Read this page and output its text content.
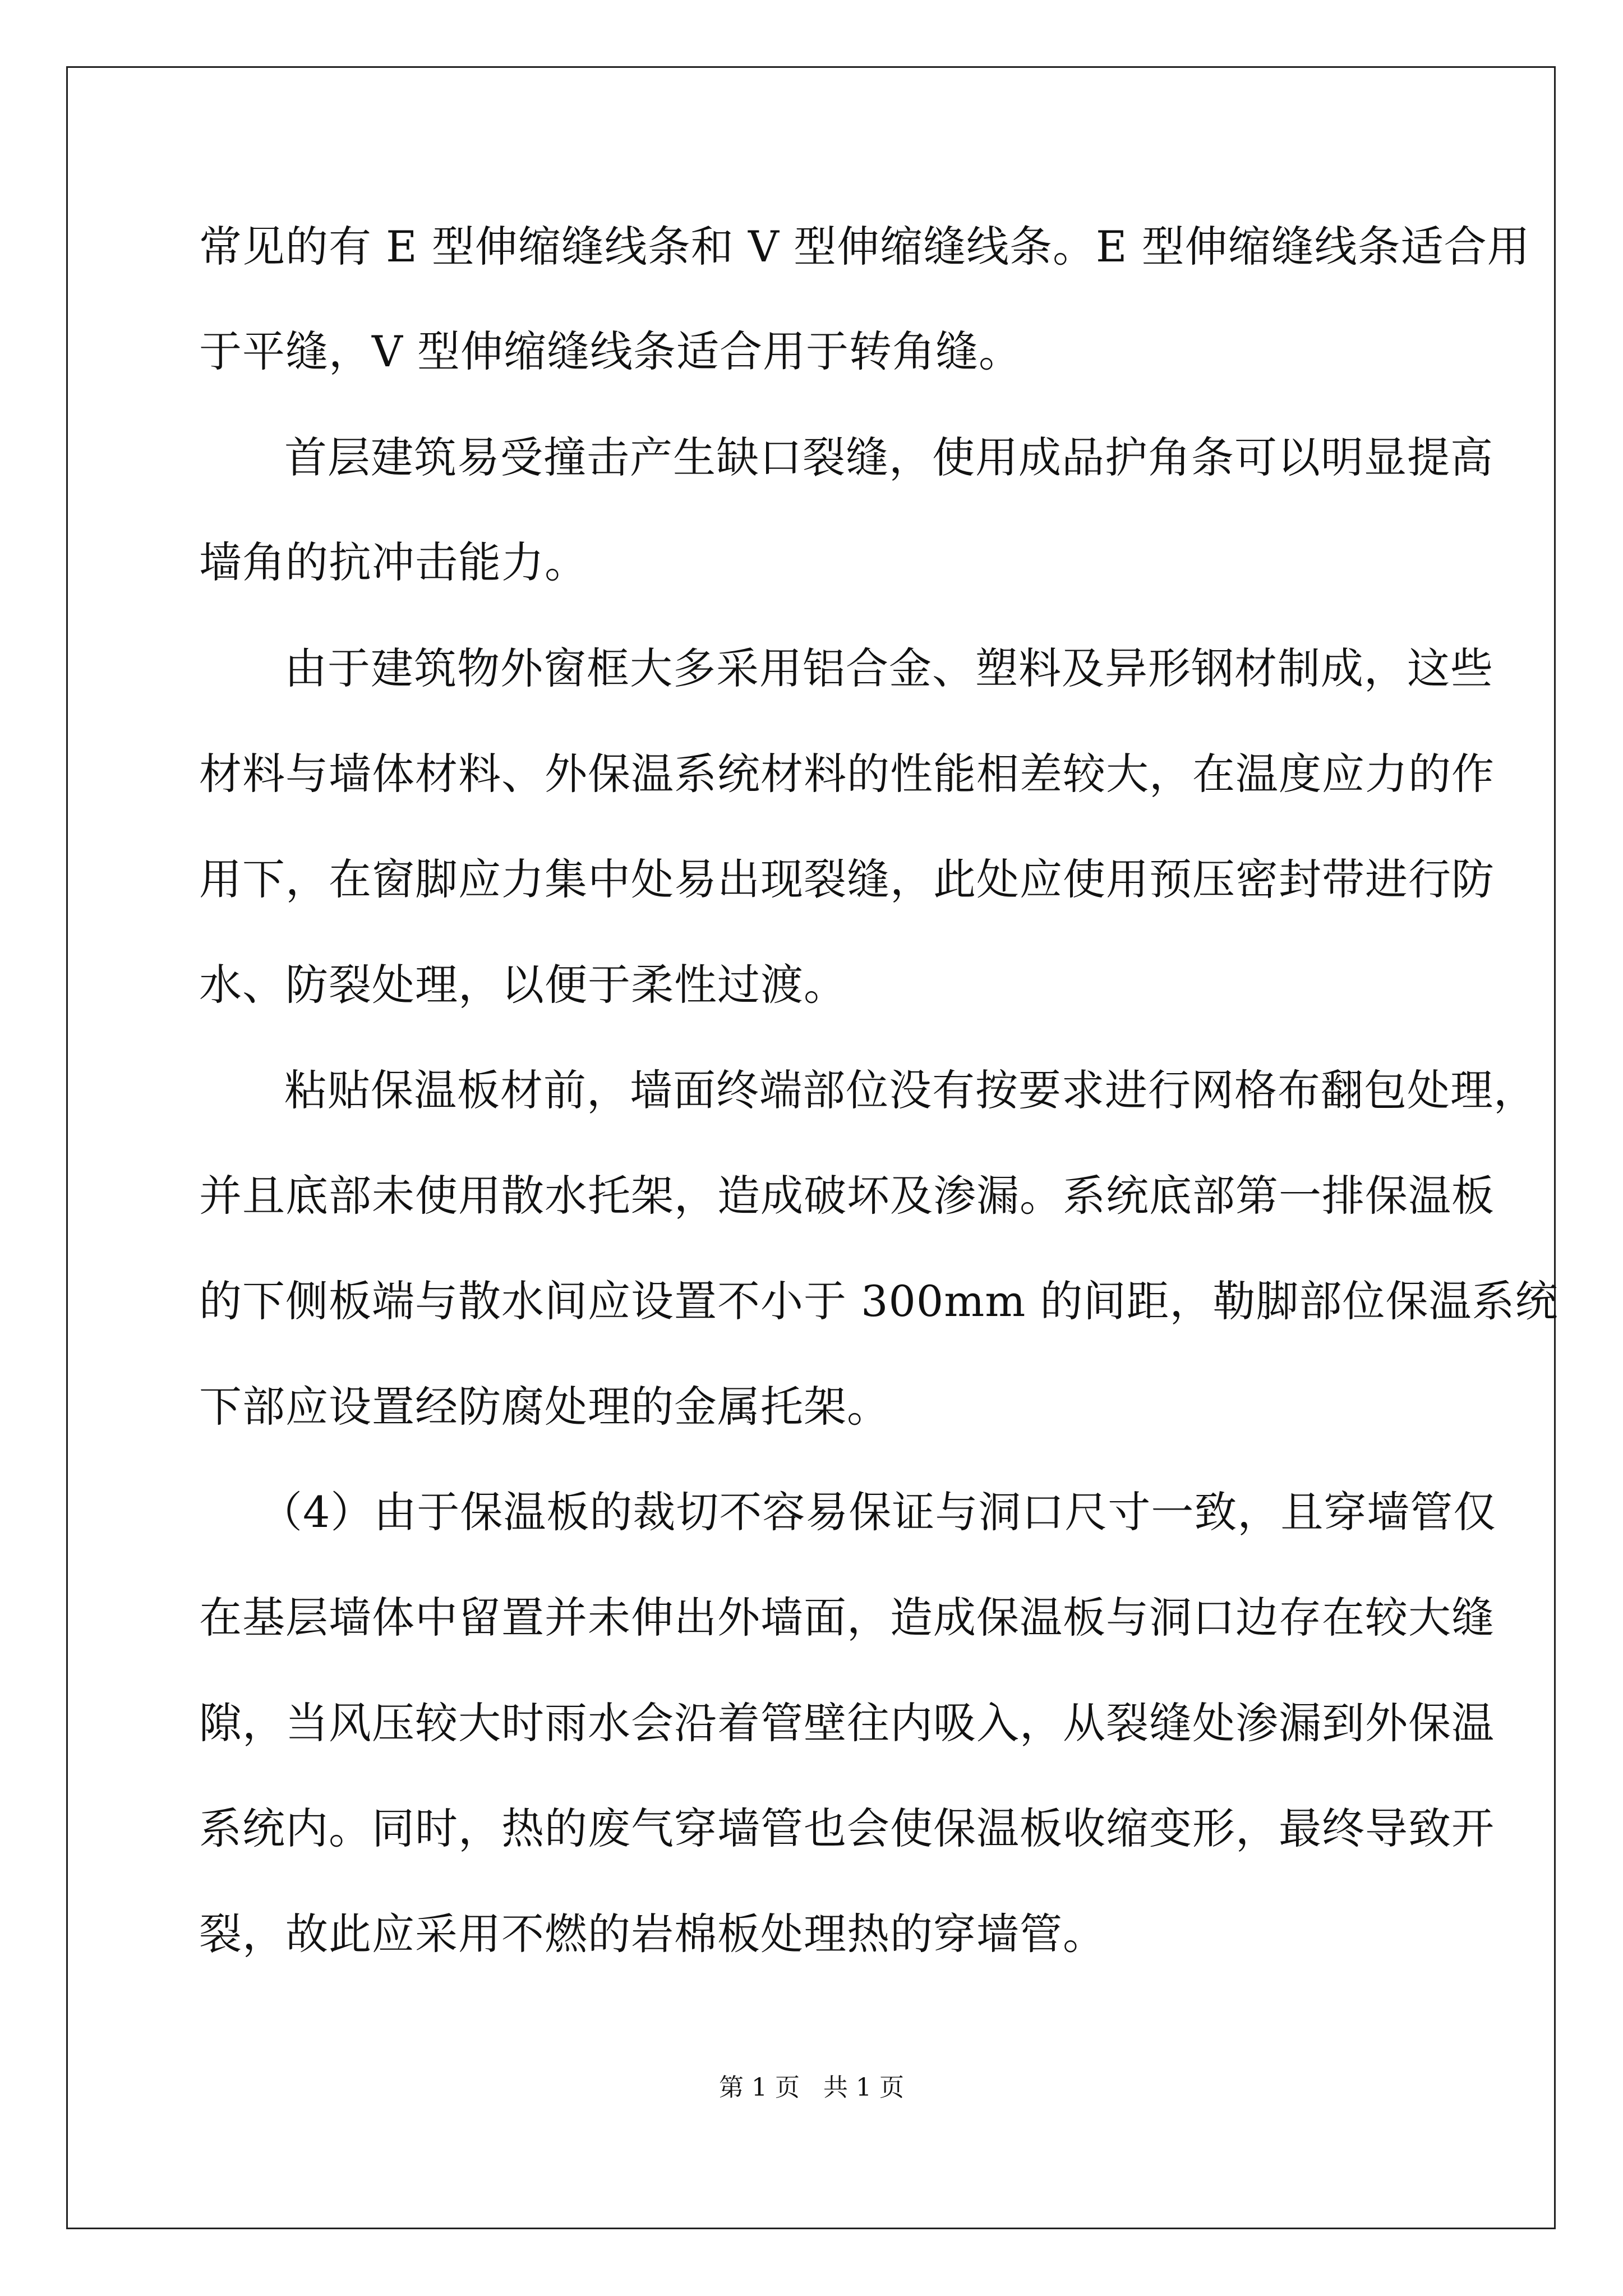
常见的有 E 型伸缩缝线条和 V 型伸缩缝线条。E 型伸缩缝线条适合用
于平缝，V 型伸缩缝线条适合用于转角缝。
首层建筑易受撞击产生缺口裂缝，使用成品护角条可以明显提高
墙角的抗冲击能力。
由于建筑物外窗框大多采用铝合金、塑料及异形钢材制成，这些
材料与墙体材料、外保温系统材料的性能相差较大，在温度应力的作
用下，在窗脚应力集中处易出现裂缝，此处应使用预压密封带进行防
水、防裂处理，以便于柔性过渡。
粘贴保温板材前，墙面终端部位没有按要求进行网格布翻包处理，
并且底部未使用散水托架，造成破坏及渗漏。系统底部第一排保温板
的下侧板端与散水间应设置不小于 300mm 的间距，勒脚部位保温系统
下部应设置经防腐处理的金属托架。
（4）由于保温板的裁切不容易保证与洞口尺寸一致，且穿墙管仅
在基层墙体中留置并未伸出外墙面，造成保温板与洞口边存在较大缝
隙，当风压较大时雨水会沿着管壁往内吸入，从裂缝处渗漏到外保温
系统内。同时，热的废气穿墙管也会使保温板收缩变形，最终导致开
裂，故此应采用不燃的岩棉板处理热的穿墙管。
第 1 页   共 1 页
